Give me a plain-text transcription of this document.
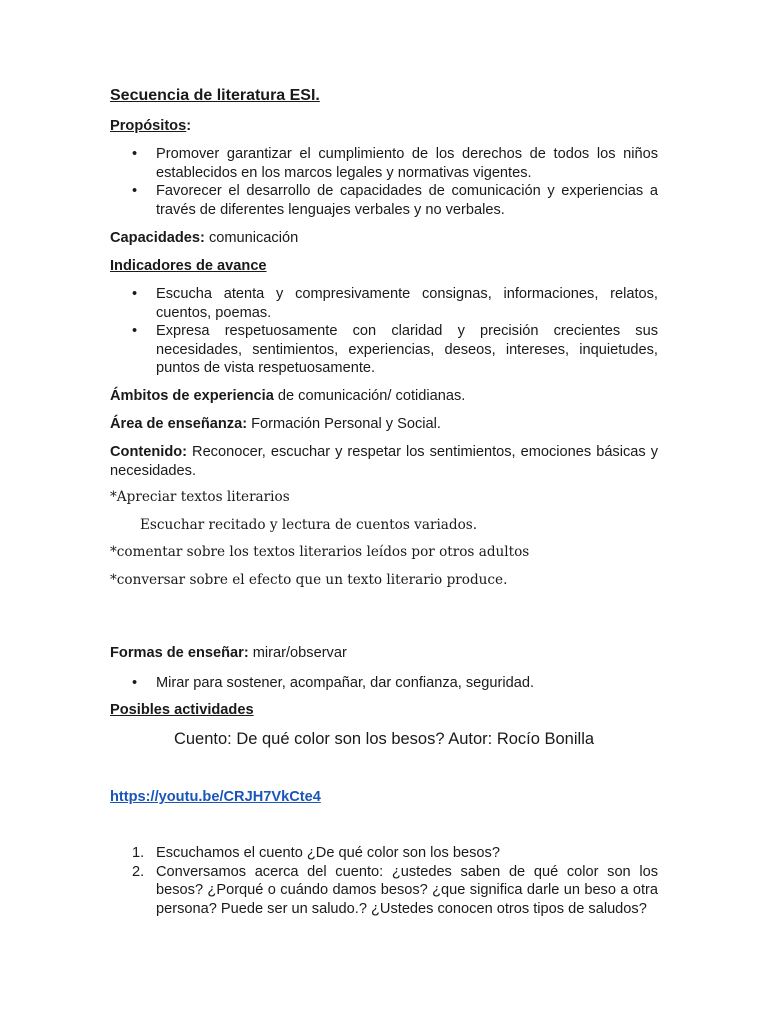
Secuencia de literatura ESI.
Propósitos:
• Promover garantizar el cumplimiento de los derechos de todos los niños establecidos en los marcos legales y normativas vigentes.
• Favorecer el desarrollo de capacidades de comunicación y experiencias a través de diferentes lenguajes verbales y no verbales.
Capacidades: comunicación
Indicadores de avance
• Escucha atenta y compresivamente consignas, informaciones, relatos, cuentos, poemas.
• Expresa respetuosamente con claridad y precisión crecientes sus necesidades, sentimientos, experiencias, deseos, intereses, inquietudes, puntos de vista respetuosamente.
Ámbitos de experiencia de comunicación/ cotidianas.
Área de enseñanza: Formación Personal y Social.
Contenido: Reconocer, escuchar y respetar los sentimientos, emociones básicas y necesidades.
*Apreciar textos literarios
Escuchar recitado y lectura de cuentos variados.
*comentar sobre los textos literarios leídos por otros adultos
*conversar sobre el efecto que un texto literario produce.
Formas de enseñar: mirar/observar
• Mirar para sostener, acompañar, dar confianza, seguridad.
Posibles actividades
Cuento: De qué color son los besos? Autor: Rocío Bonilla
https://youtu.be/CRJH7VkCte4
1. Escuchamos el cuento ¿De qué color son los besos?
2. Conversamos acerca del cuento: ¿ustedes saben de qué color son los besos? ¿Porqué o cuándo damos besos? ¿que significa darle un beso a otra persona? Puede ser un saludo.? ¿Ustedes conocen otros tipos de saludos?
